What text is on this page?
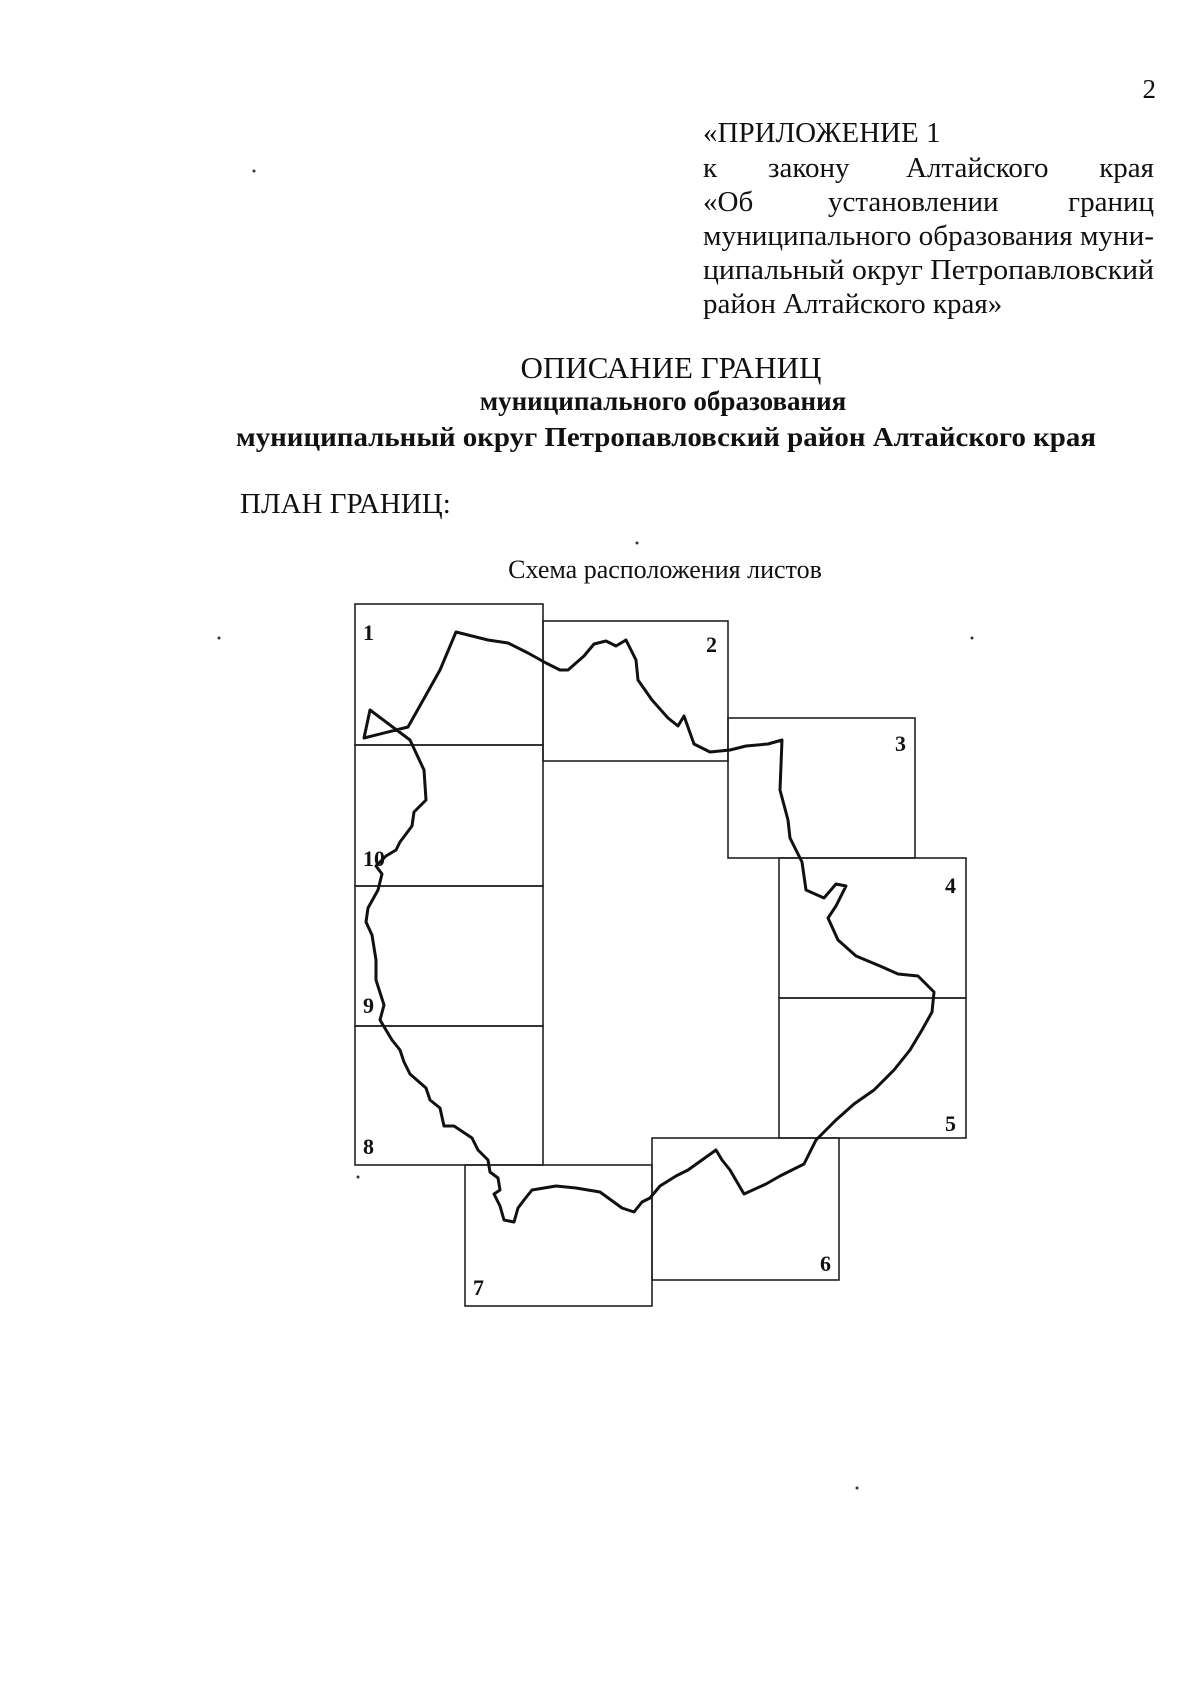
2
«ПРИЛОЖЕНИЕ 1
к закону Алтайского края
«Об	установлении границ
муниципального образования муни-
ципальный округ Петропавловский
район Алтайского края»
ОПИСАНИЕ ГРАНИЦ
муниципального образования
муниципальный округ Петропавловский район Алтайского края
ПЛАН ГРАНИЦ:
Схема расположения листов
1	2
3
4
5
6
7
8
9
10
